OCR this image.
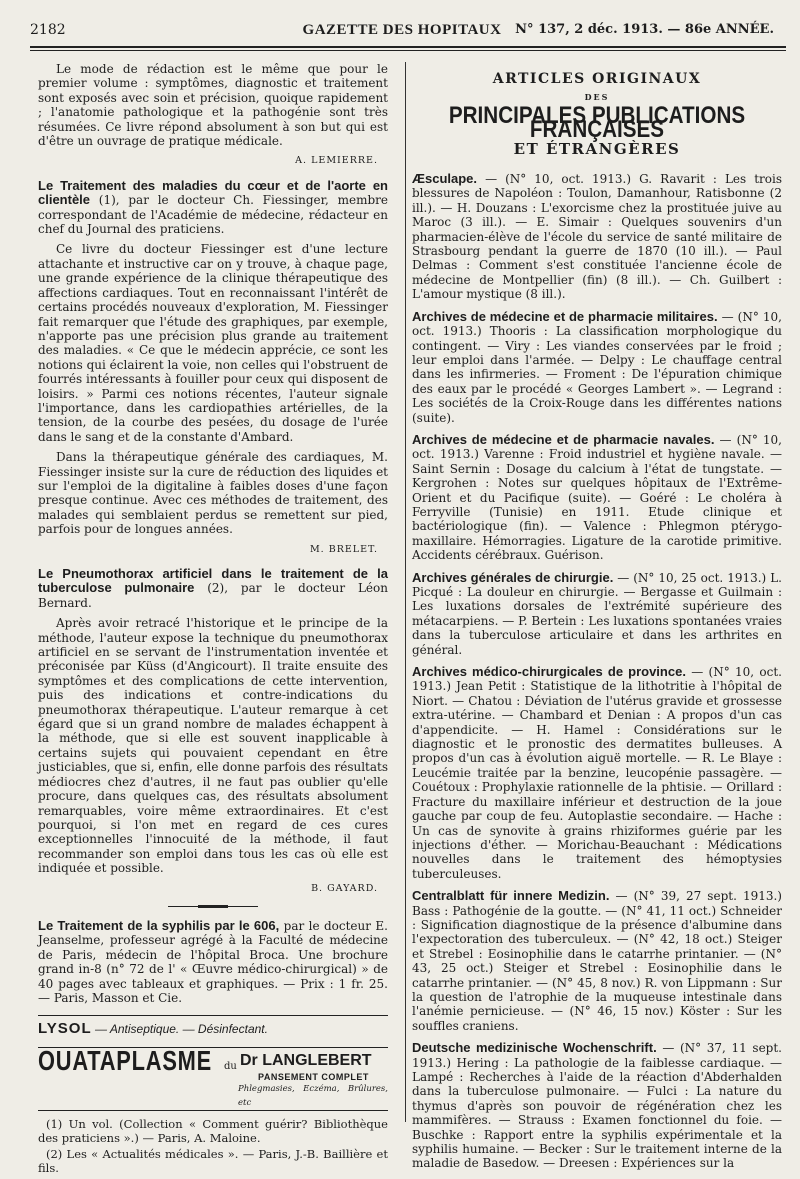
2182	GAZETTE DES HOPITAUX	N° 137, 2 déc. 1913. — 86e ANNÉE.

Le mode de rédaction est le même que pour le premier volume : symptômes, diagnostic et traitement sont exposés avec soin et précision, quoique rapidement ; l'anatomie pathologique et la pathogénie sont très résumées. Ce livre répond absolument à son but qui est d'être un ouvrage de pratique médicale.

A. LEMIERRE.

Le Traitement des maladies du cœur et de l'aorte en clientèle (1), par le docteur Ch. Fiessinger, membre correspondant de l'Académie de médecine, rédacteur en chef du Journal des praticiens.

Ce livre du docteur Fiessinger est d'une lecture attachante et instructive car on y trouve, à chaque page, une grande expérience de la clinique thérapeutique des affections cardiaques. Tout en reconnaissant l'intérêt de certains procédés nouveaux d'exploration, M. Fiessinger fait remarquer que l'étude des graphiques, par exemple, n'apporte pas une précision plus grande au traitement des maladies. « Ce que le médecin apprécie, ce sont les notions qui éclairent la voie, non celles qui l'obstruent de fourrés intéressants à fouiller pour ceux qui disposent de loisirs. » Parmi ces notions récentes, l'auteur signale l'importance, dans les cardiopathies artérielles, de la tension, de la courbe des pesées, du dosage de l'urée dans le sang et de la constante d'Ambard.

Dans la thérapeutique générale des cardiaques, M. Fiessinger insiste sur la cure de réduction des liquides et sur l'emploi de la digitaline à faibles doses d'une façon presque continue. Avec ces méthodes de traitement, des malades qui semblaient perdus se remettent sur pied, parfois pour de longues années.

M. BRELET.

Le Pneumothorax artificiel dans le traitement de la tuberculose pulmonaire (2), par le docteur Léon Bernard.

Après avoir retracé l'historique et le principe de la méthode, l'auteur expose la technique du pneumothorax artificiel en se servant de l'instrumentation inventée et préconisée par Küss (d'Angicourt). Il traite ensuite des symptômes et des complications de cette intervention, puis des indications et contre-indications du pneumothorax thérapeutique. L'auteur remarque à cet égard que si un grand nombre de malades échappent à la méthode, que si elle est souvent inapplicable à certains sujets qui pouvaient cependant en être justiciables, que si, enfin, elle donne parfois des résultats médiocres chez d'autres, il ne faut pas oublier qu'elle procure, dans quelques cas, des résultats absolument remarquables, voire même extraordinaires. Et c'est pourquoi, si l'on met en regard de ces cures exceptionnelles l'innocuité de la méthode, il faut recommander son emploi dans tous les cas où elle est indiquée et possible.

B. GAYARD.

Le Traitement de la syphilis par le 606, par le docteur E. Jeanselme, professeur agrégé à la Faculté de médecine de Paris, médecin de l'hôpital Broca. Une brochure grand in-8 (n° 72 de l' « Œuvre médico-chirurgical) » de 40 pages avec tableaux et graphiques. — Prix : 1 fr. 25. — Paris, Masson et Cie.

LYSOL — Antiseptique. — Désinfectant.
OUATAPLASME du Dr LANGLEBERT
PANSEMENT COMPLET
Phlegmasies, Eczéma, Brûlures, etc

(1) Un vol. (Collection « Comment guérir? Bibliothèque des praticiens ».) — Paris, A. Maloine.

(2) Les « Actualités médicales ». — Paris, J.-B. Baillière et fils.

ARTICLES ORIGINAUX
DES
PRINCIPALES PUBLICATIONS FRANÇAISES
ET ÉTRANGÈRES

Æsculape. — (N° 10, oct. 1913.) G. Ravarit : Les trois blessures de Napoléon : Toulon, Damanhour, Ratisbonne (2 ill.). — H. Douzans : L'exorcisme chez la prostituée juive au Maroc (3 ill.). — E. Simair : Quelques souvenirs d'un pharmacien-élève de l'école du service de santé militaire de Strasbourg pendant la guerre de 1870 (10 ill.). — Paul Delmas : Comment s'est constituée l'ancienne école de médecine de Montpellier (fin) (8 ill.). — Ch. Guilbert : L'amour mystique (8 ill.).

Archives de médecine et de pharmacie militaires. — (N° 10, oct. 1913.) Thooris : La classification morphologique du contingent. — Viry : Les viandes conservées par le froid ; leur emploi dans l'armée. — Delpy : Le chauffage central dans les infirmeries. — Froment : De l'épuration chimique des eaux par le procédé « Georges Lambert ». — Legrand : Les sociétés de la Croix-Rouge dans les différentes nations (suite).

Archives de médecine et de pharmacie navales. — (N° 10, oct. 1913.) Varenne : Froid industriel et hygiène navale. — Saint Sernin : Dosage du calcium à l'état de tungstate. — Kergrohen : Notes sur quelques hôpitaux de l'Extrême-Orient et du Pacifique (suite). — Goéré : Le choléra à Ferryville (Tunisie) en 1911. Etude clinique et bactériologique (fin). — Valence : Phlegmon ptérygo-maxillaire. Hémorragies. Ligature de la carotide primitive. Accidents cérébraux. Guérison.

Archives générales de chirurgie. — (N° 10, 25 oct. 1913.) L. Picqué : La douleur en chirurgie. — Bergasse et Guilmain : Les luxations dorsales de l'extrémité supérieure des métacarpiens. — P. Bertein : Les luxations spontanées vraies dans la tuberculose articulaire et dans les arthrites en général.

Archives médico-chirurgicales de province. — (N° 10, oct. 1913.) Jean Petit : Statistique de la lithotritie à l'hôpital de Niort. — Chatou : Déviation de l'utérus gravide et grossesse extra-utérine. — Chambard et Denian : A propos d'un cas d'appendicite. — H. Hamel : Considérations sur le diagnostic et le pronostic des dermatites bulleuses. A propos d'un cas à évolution aiguë mortelle. — R. Le Blaye : Leucémie traitée par la benzine, leucopénie passagère. — Couétoux : Prophylaxie rationnelle de la phtisie. — Orillard : Fracture du maxillaire inférieur et destruction de la joue gauche par coup de feu. Autoplastie secondaire. — Hache : Un cas de synovite à grains rhiziformes guérie par les injections d'éther. — Morichau-Beauchant : Médications nouvelles dans le traitement des hémoptysies tuberculeuses.

Centralblatt für innere Medizin. — (N° 39, 27 sept. 1913.) Bass : Pathogénie de la goutte. — (N° 41, 11 oct.) Schneider : Signification diagnostique de la présence d'albumine dans l'expectoration des tuberculeux. — (N° 42, 18 oct.) Steiger et Strebel : Eosinophilie dans le catarrhe printanier. — (N° 43, 25 oct.) Steiger et Strebel : Eosinophilie dans le catarrhe printanier. — (N° 45, 8 nov.) R. von Lippmann : Sur la question de l'atrophie de la muqueuse intestinale dans l'anémie pernicieuse. — (N° 46, 15 nov.) Köster : Sur les souffles craniens.

Deutsche medizinische Wochenschrift. — (N° 37, 11 sept. 1913.) Hering : La pathologie de la faiblesse cardiaque. — Lampé : Recherches à l'aide de la réaction d'Abderhalden dans la tuberculose pulmonaire. — Fulci : La nature du thymus d'après son pouvoir de régénération chez les mammifères. — Strauss : Examen fonctionnel du foie. — Buschke : Rapport entre la syphilis expérimentale et la syphilis humaine. — Becker : Sur le traitement interne de la maladie de Basedow. — Dreesen : Expériences sur la
